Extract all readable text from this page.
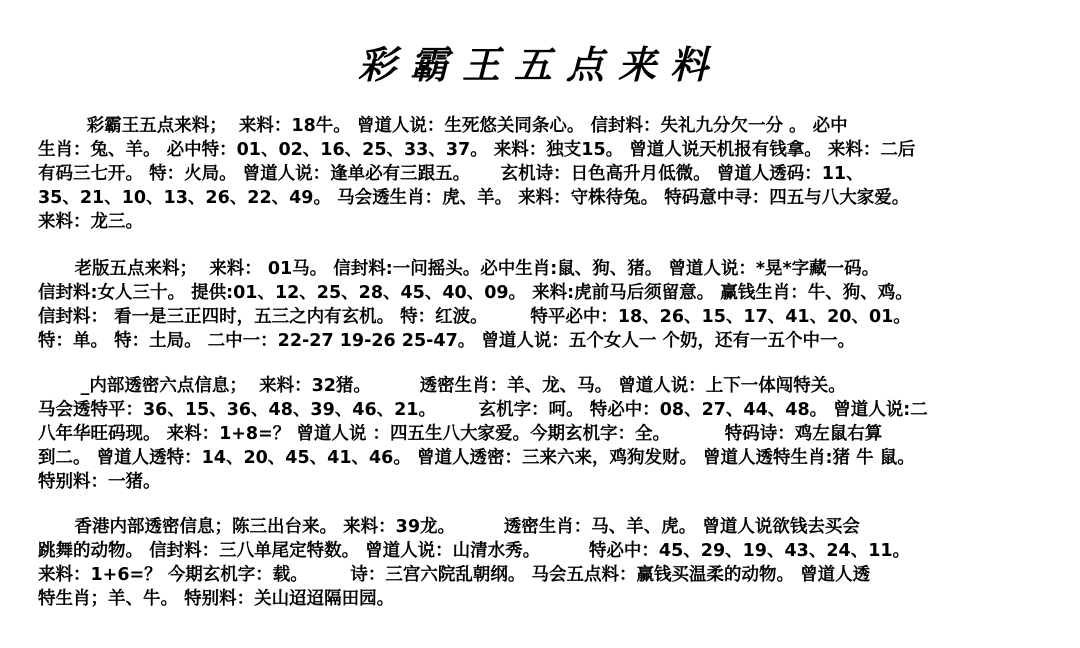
彩霸王五点来料
彩霸王五点来料；  来料：18牛。 曾道人说：生死悠关同条心。 信封料：失礼九分欠一分 。 必中
生肖：兔、羊。 必中特：01、02、16、25、33、37。 来料：独支15。 曾道人说天机报有钱拿。 来料：二后
有码三七开。 特：火局。 曾道人说：逢单必有三跟五。     玄机诗：日色高升月低微。 曾道人透码：11、
35、21、10、13、26、22、49。 马会透生肖：虎、羊。 来料：守株待兔。 特码意中寻：四五与八大家爱。
来料：龙三。
老版五点来料；  来料： 01马。 信封料:一问摇头。必中生肖:鼠、狗、猪。 曾道人说：*晃*字藏一码。
信封料:女人三十。 提供:01、12、25、28、45、40、09。 来料:虎前马后须留意。 赢钱生肖：牛、狗、鸡。
信封料： 看一是三正四时，五三之内有玄机。 特：红波。       特平必中：18、26、15、17、41、20、01。
特：单。 特：土局。 二中一：22-27 19-26 25-47。 曾道人说：五个女人一 个奶，还有一五个中一。
_内部透密六点信息；  来料：32猪。        透密生肖：羊、龙、马。 曾道人说：上下一体闯特关。
马会透特平：36、15、36、48、39、46、21。       玄机字：呵。 特必中：08、27、44、48。 曾道人说:二
八年华旺码现。 来料：1+8=？ 曾道人说 ：四五生八大家爱。今期玄机字：全。         特码诗：鸡左鼠右算
到二。 曾道人透特：14、20、45、41、46。 曾道人透密：三来六来，鸡狗发财。 曾道人透特生肖:猪 牛 鼠。
特别料：一猪。
香港内部透密信息；陈三出台来。 来料：39龙。        透密生肖：马、羊、虎。 曾道人说欲钱去买会
跳舞的动物。 信封料：三八单尾定特数。 曾道人说：山清水秀。        特必中：45、29、19、43、24、11。
来料：1+6=？ 今期玄机字：载。       诗：三宫六院乱朝纲。 马会五点料：赢钱买温柔的动物。 曾道人透
特生肖；羊、牛。 特别料：关山迢迢隔田园。
